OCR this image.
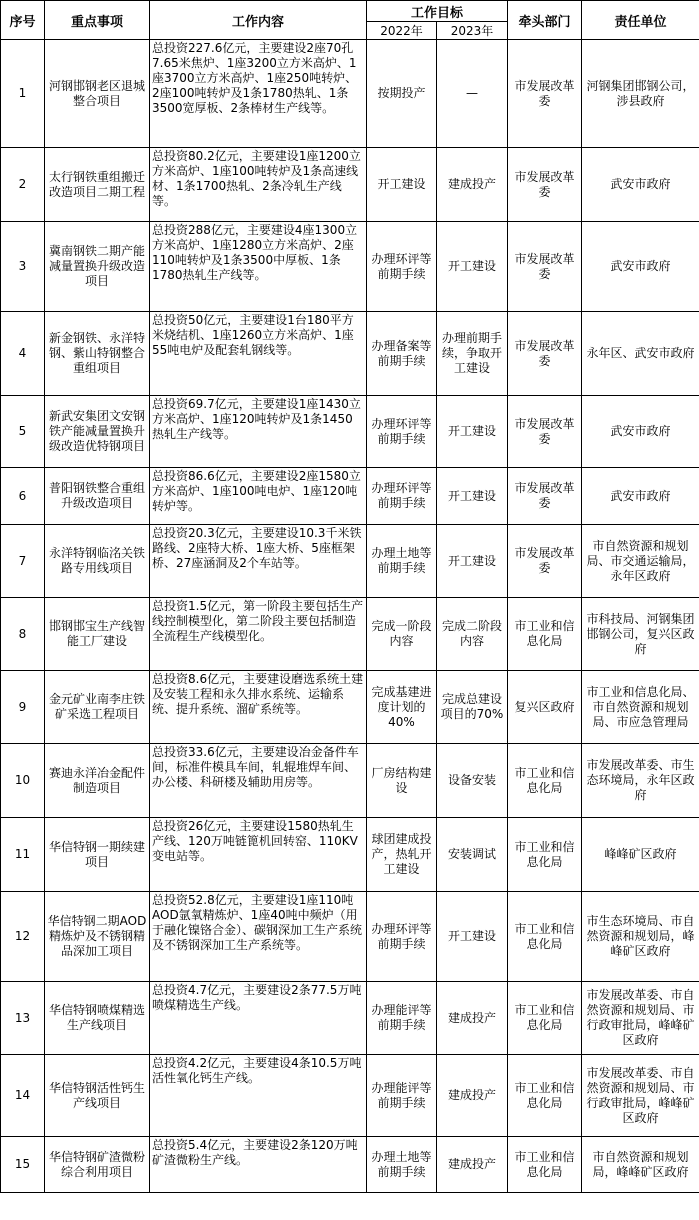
序号	重点事项	工作内容	工作目标		牵头部门	责任单位
			2022年	2023年		
1	河钢邯钢老区退城整合项目	总投资227.6亿元，主要建设2座70孔7.65米焦炉、1座3200立方米高炉、1座3700立方米高炉、1座250吨转炉、2座100吨转炉及1条1780热轧、1条3500宽厚板、2条棒材生产线等。	按期投产	—	市发展改革委	河钢集团邯钢公司，涉县政府
2	太行钢铁重组搬迁改造项目二期工程	总投资80.2亿元，主要建设1座1200立方米高炉、1座100吨转炉及1条高速线材、1条1700热轧、2条冷轧生产线等。	开工建设	建成投产	市发展改革委	武安市政府
3	冀南钢铁二期产能减量置换升级改造项目	总投资288亿元，主要建设4座1300立方米高炉、1座1280立方米高炉、2座110吨转炉及1条3500中厚板、1条1780热轧生产线等。	办理环评等前期手续	开工建设	市发展改革委	武安市政府
4	新金钢铁、永洋特钢、紫山特钢整合重组项目	总投资50亿元，主要建设1台180平方米烧结机、1座1260立方米高炉、1座55吨电炉及配套轧钢线等。	办理备案等前期手续	办理前期手续，争取开工建设	市发展改革委	永年区、武安市政府
5	新武安集团文安钢铁产能减量置换升级改造优特钢项目	总投资69.7亿元，主要建设1座1430立方米高炉、1座120吨转炉及1条1450热轧生产线等。	办理环评等前期手续	开工建设	市发展改革委	武安市政府
6	普阳钢铁整合重组升级改造项目	总投资86.6亿元，主要建设2座1580立方米高炉、1座100吨电炉、1座120吨转炉等。	办理环评等前期手续	开工建设	市发展改革委	武安市政府
7	永洋特钢临洺关铁路专用线项目	总投资20.3亿元，主要建设10.3千米铁路线、2座特大桥、1座大桥、5座框架桥、27座涵洞及2个车站等。	办理土地等前期手续	开工建设	市发展改革委	市自然资源和规划局、市交通运输局，永年区政府
8	邯钢邯宝生产线智能工厂建设	总投资1.5亿元，第一阶段主要包括生产线控制模型化，第二阶段主要包括制造全流程生产线模型化。	完成一阶段内容	完成二阶段内容	市工业和信息化局	市科技局、河钢集团邯钢公司，复兴区政府
9	金元矿业南李庄铁矿采选工程项目	总投资8.6亿元，主要建设磨选系统土建及安装工程和永久排水系统、运输系统、提升系统、溜矿系统等。	完成基建进度计划的40%	完成总建设项目的70%	复兴区政府	市工业和信息化局、市自然资源和规划局、市应急管理局
10	赛迪永洋冶金配件制造项目	总投资33.6亿元，主要建设冶金备件车间，标准件模具车间，轧辊堆焊车间、办公楼、科研楼及辅助用房等。	厂房结构建设	设备安装	市工业和信息化局	市发展改革委、市生态环境局，永年区政府
11	华信特钢一期续建项目	总投资26亿元，主要建设1580热轧生产线、120万吨链篦机回转窑、110KV变电站等。	球团建成投产，热轧开工建设	安装调试	市工业和信息化局	峰峰矿区政府
12	华信特钢二期AOD精炼炉及不锈钢精品深加工项目	总投资52.8亿元，主要建设1座110吨AOD氩氧精炼炉、1座40吨中频炉（用于融化镍铬合金）、碳钢深加工生产系统及不锈钢深加工生产系统等。	办理环评等前期手续	开工建设	市工业和信息化局	市生态环境局、市自然资源和规划局，峰峰矿区政府
13	华信特钢喷煤精选生产线项目	总投资4.7亿元，主要建设2条77.5万吨喷煤精选生产线。	办理能评等前期手续	建成投产	市工业和信息化局	市发展改革委、市自然资源和规划局、市行政审批局，峰峰矿区政府
14	华信特钢活性钙生产线项目	总投资4.2亿元，主要建设4条10.5万吨活性氧化钙生产线。	办理能评等前期手续	建成投产	市工业和信息化局	市发展改革委、市自然资源和规划局、市行政审批局，峰峰矿区政府
15	华信特钢矿渣微粉综合利用项目	总投资5.4亿元，主要建设2条120万吨矿渣微粉生产线。	办理土地等前期手续	建成投产	市工业和信息化局	市自然资源和规划局，峰峰矿区政府
